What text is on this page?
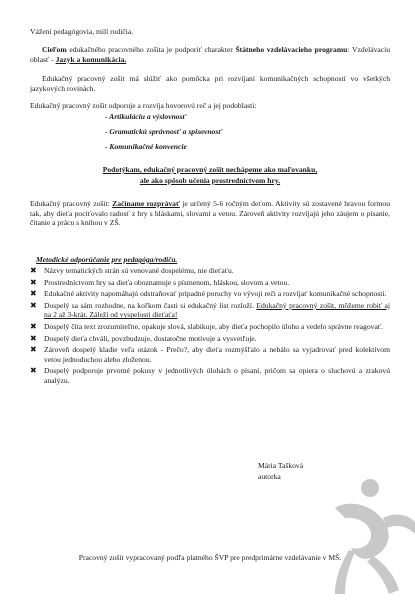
Vážení pedagógovia, milí rodičia.

Cieľom edukačného pracovného zošita je podporiť charakter Štátneho vzdelávacieho programu: Vzdelávaciu oblasť - Jazyk a komunikácia.

Edukačný pracovný zošit má slúžiť ako pomôcka pri rozvíjaní komunikačných schopností vo všetkých jazykových rovinách.

Edukačný pracovný zošit odporuje a rozvíja hovorovú reč a jej podoblasti:

- Artikuláciu a výslovnosť

- Gramatickú správnosť a spisovnosť

- Komunikačné konvencie

Podotýkam, edukačný pracovný zošit nechápeme ako maľovanku,

ale ako spôsob učenia prostredníctvom hry.

Edukačný pracovný zošit: Začíname rozprávať je určený 5-6 ročným deťom. Aktivity sú zostavené hravou formou tak, aby dieťa pociťovalo radosť z hry s hláskami, slovami a vetou. Zároveň aktivity rozvíjajú jeho záujem o písanie, čítanie a prácu s knihou v ZŠ.

Metodické odporúčanie pre pedagóga/rodiča.

✖ Názvy tematických strán sú venované dospelému, nie dieťaťu.
✖ Prostredníctvom hry sa dieťa oboznamuje s písmenom, hláskou, slovom a vetou.
✖ Edukačné aktivity napomáhajú odstraňovať prípadné poruchy vo vývoji reči a rozvíjať komunikačné schopnosti.
✖ Dospelý sa sám rozhodne, na koľkom časti si edukačný list rozloží. Edukačný pracovný zošit, môžeme robiť aj na 2 až 3-krát. Záleží od vyspelosti dieťaťa!
✖ Dospelý číta text zrozumiteľne, opakuje slová, slabikuje, aby dieťa pochopilo úlohu a vedelo správne reagovať.
✖ Dospelý dieťa chváli, povzbudzuje, dostatočne motivuje a vysvetľuje.
✖ Zároveň dospelý kladie veľa otázok - Prečo?, aby dieťa rozmýšľalo a nebálo sa vyjadrovať pred kolektívom vetou jednoduchou alebo zloženou.
✖ Dospelý podporuje prvotné pokusy v jednotlivých úlohách o písaní, pričom sa opiera o sluchovú a zrakovú analýzu.

Mária Tašková

autorka

Pracovný zošit vypracovaný podľa platného ŠVP pre predprimárne vzdelávanie v MŠ.
